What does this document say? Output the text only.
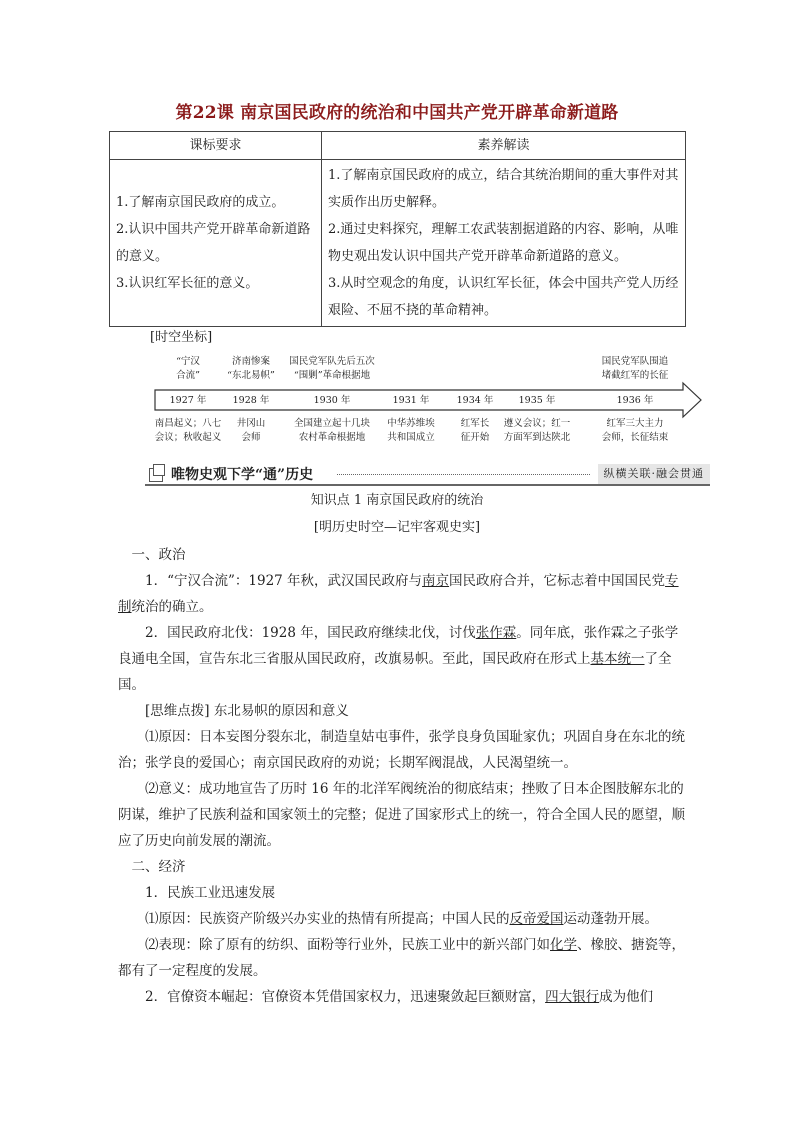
第22课 南京国民政府的统治和中国共产党开辟革命新道路
课标要求	素养解读

1.了解南京国民政府的成立。
2.认识中国共产党开辟革命新道路的意义。
3.认识红军长征的意义。	1.了解南京国民政府的成立，结合其统治期间的重大事件对其实质作出历史解释。
2.通过史料探究，理解工农武装割据道路的内容、影响，从唯物史观出发认识中国共产党开辟革命新道路的意义。
3.从时空观念的角度，认识红军长征，体会中国共产党人历经艰险、不屈不挠的革命精神。
[时空坐标]
“宁汉
合流”
济南惨案
“东北易帜”
国民党军队先后五次
“围剿”革命根据地
国民党军队围追
堵截红军的长征
1927 年	1928 年	1930 年	1931 年	1934 年	1935 年	1936 年
南昌起义；八七
会议；秋收起义
井冈山
会师
全国建立起十几块
农村革命根据地
中华苏维埃
共和国成立
红军长
征开始
遵义会议；红一
方面军到达陕北
红军三大主力
会师，长征结束
唯物史观下学“通”历史	纵横关联·融会贯通
知识点 1 南京国民政府的统治
[明历史时空—记牢客观史实]

一、政治

1．“宁汉合流”：1927 年秋，武汉国民政府与南京国民政府合并，它标志着中国国民党专制统治的确立。

2．国民政府北伐：1928 年，国民政府继续北伐，讨伐张作霖。同年底，张作霖之子张学良通电全国，宣告东北三省服从国民政府，改旗易帜。至此，国民政府在形式上基本统一了全国。

[思维点拨] 东北易帜的原因和意义

⑴原因：日本妄图分裂东北，制造皇姑屯事件，张学良身负国耻家仇；巩固自身在东北的统治；张学良的爱国心；南京国民政府的劝说；长期军阀混战，人民渴望统一。

⑵意义：成功地宣告了历时 16 年的北洋军阀统治的彻底结束；挫败了日本企图肢解东北的阴谋，维护了民族利益和国家领土的完整；促进了国家形式上的统一，符合全国人民的愿望，顺应了历史向前发展的潮流。

二、经济

1．民族工业迅速发展

⑴原因：民族资产阶级兴办实业的热情有所提高；中国人民的反帝爱国运动蓬勃开展。

⑵表现：除了原有的纺织、面粉等行业外，民族工业中的新兴部门如化学、橡胶、搪瓷等，都有了一定程度的发展。

2．官僚资本崛起：官僚资本凭借国家权力，迅速聚敛起巨额财富，四大银行成为他们
